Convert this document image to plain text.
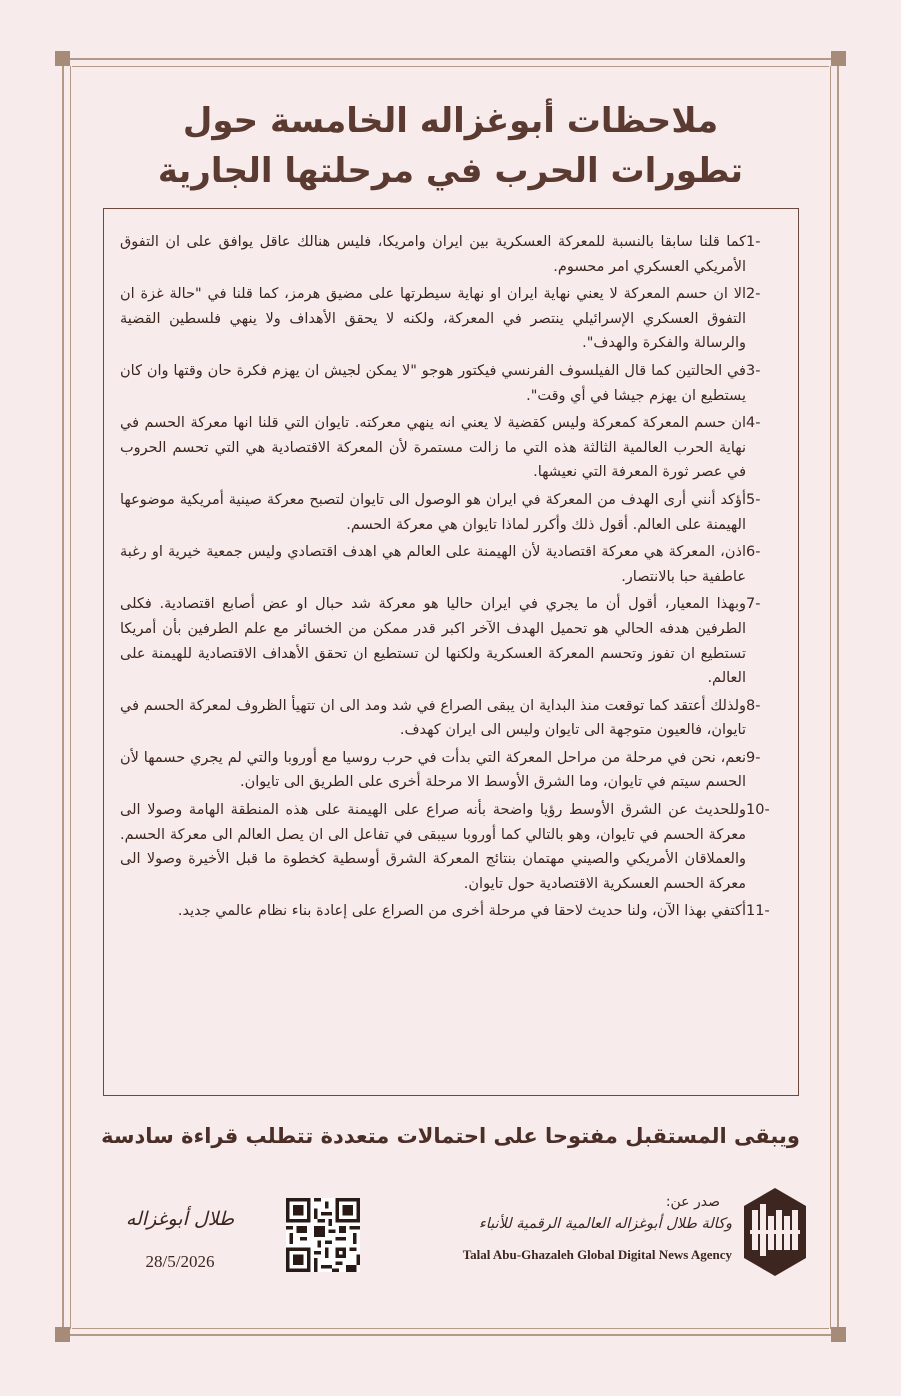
ملاحظات أبوغزاله الخامسة حول
تطورات الحرب في مرحلتها الجارية
1-
كما قلنا سابقا بالنسبة للمعركة العسكرية بين ايران وامريكا، فليس هنالك عاقل يوافق على ان التفوق الأمريكي العسكري امر محسوم.
2-
الا ان حسم المعركة لا يعني نهاية ايران او نهاية سيطرتها على مضيق هرمز، كما قلنا في "حالة غزة ان التفوق العسكري الإسرائيلي ينتصر في المعركة، ولكنه لا يحقق الأهداف ولا ينهي فلسطين القضية والرسالة والفكرة والهدف".
3-
في الحالتين كما قال الفيلسوف الفرنسي فيكتور هوجو "لا يمكن لجيش ان يهزم فكرة حان وقتها وان كان يستطيع ان يهزم جيشا في أي وقت".
4-
ان حسم المعركة كمعركة وليس كقضية لا يعني انه ينهي معركته. تايوان التي قلنا انها معركة الحسم في نهاية الحرب العالمية الثالثة هذه التي ما زالت مستمرة لأن المعركة الاقتصادية هي التي تحسم الحروب في عصر ثورة المعرفة التي نعيشها.
5-
أؤكد أنني أرى الهدف من المعركة في ايران هو الوصول الى تايوان لتصبح معركة صينية أمريكية موضوعها الهيمنة على العالم. أقول ذلك وأكرر لماذا تايوان هي معركة الحسم.
6-
اذن، المعركة هي معركة اقتصادية لأن الهيمنة على العالم هي اهدف اقتصادي وليس جمعية خيرية او رغبة عاطفية حبا بالانتصار.
7-
وبهذا المعيار، أقول أن ما يجري في ايران حاليا هو معركة شد حبال او عض أصابع اقتصادية. فكلى الطرفين هدفه الحالي هو تحميل الهدف الآخر اكبر قدر ممكن من الخسائر مع علم الطرفين بأن أمريكا تستطيع ان تفوز وتحسم المعركة العسكرية ولكنها لن تستطيع ان تحقق الأهداف الاقتصادية للهيمنة على العالم.
8-
ولذلك أعتقد كما توقعت منذ البداية ان يبقى الصراع في شد ومد الى ان تتهيأ الظروف لمعركة الحسم في تايوان، فالعيون متوجهة الى تايوان وليس الى ايران كهدف.
9-
نعم، نحن في مرحلة من مراحل المعركة التي بدأت في حرب روسيا مع أوروبا والتي لم يجري حسمها لأن الحسم سيتم في تايوان، وما الشرق الأوسط الا مرحلة أخرى على الطريق الى تايوان.
10-
وللحديث عن الشرق الأوسط رؤيا واضحة بأنه صراع على الهيمنة على هذه المنطقة الهامة وصولا الى معركة الحسم في تايوان، وهو بالتالي كما أوروبا سيبقى في تفاعل الى ان يصل العالم الى معركة الحسم. والعملاقان الأمريكي والصيني مهتمان بنتائج المعركة الشرق أوسطية كخطوة ما قبل الأخيرة وصولا الى معركة الحسم العسكرية الاقتصادية حول تايوان.
11-
أكتفي بهذا الآن، ولنا حديث لاحقا في مرحلة أخرى من الصراع على إعادة بناء نظام عالمي جديد.
ويبقى المستقبل مفتوحا على احتمالات متعددة تتطلب قراءة سادسة
طلال أبوغزاله
28/5/2026
صدر عن:
وكالة طلال أبوغزاله العالمية الرقمية للأنباء
Talal Abu-Ghazaleh Global Digital News Agency
